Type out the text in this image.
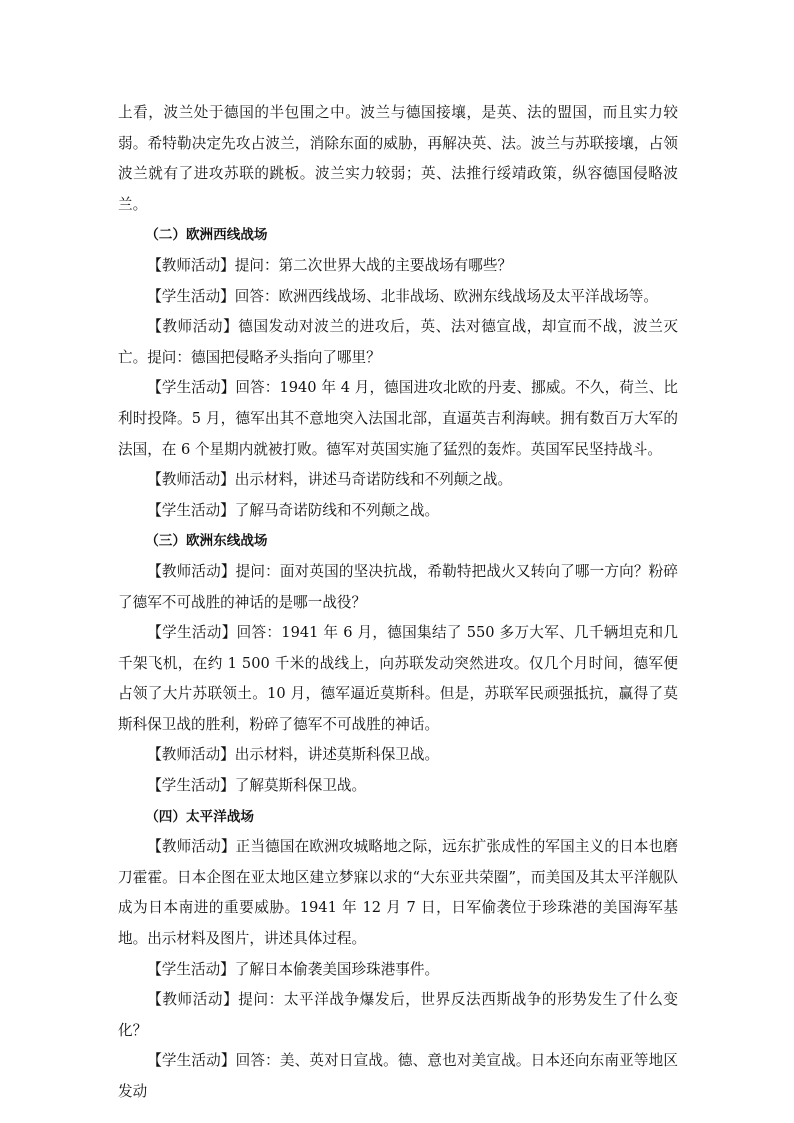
上看，波兰处于德国的半包围之中。波兰与德国接壤，是英、法的盟国，而且实力较弱。希特勒决定先攻占波兰，消除东面的威胁，再解决英、法。波兰与苏联接壤，占领波兰就有了进攻苏联的跳板。波兰实力较弱；英、法推行绥靖政策，纵容德国侵略波兰。

（二）欧洲西线战场

【教师活动】提问：第二次世界大战的主要战场有哪些？

【学生活动】回答：欧洲西线战场、北非战场、欧洲东线战场及太平洋战场等。

【教师活动】德国发动对波兰的进攻后，英、法对德宣战，却宣而不战，波兰灭亡。提问：德国把侵略矛头指向了哪里？

【学生活动】回答：1940 年 4 月，德国进攻北欧的丹麦、挪威。不久，荷兰、比利时投降。5 月，德军出其不意地突入法国北部，直逼英吉利海峡。拥有数百万大军的法国，在 6 个星期内就被打败。德军对英国实施了猛烈的轰炸。英国军民坚持战斗。

【教师活动】出示材料，讲述马奇诺防线和不列颠之战。

【学生活动】了解马奇诺防线和不列颠之战。

（三）欧洲东线战场

【教师活动】提问：面对英国的坚决抗战，希勒特把战火又转向了哪一方向？粉碎了德军不可战胜的神话的是哪一战役？

【学生活动】回答：1941 年 6 月，德国集结了 550 多万大军、几千辆坦克和几千架飞机，在约 1 500 千米的战线上，向苏联发动突然进攻。仅几个月时间，德军便占领了大片苏联领土。10 月，德军逼近莫斯科。但是，苏联军民顽强抵抗，赢得了莫斯科保卫战的胜利，粉碎了德军不可战胜的神话。

【教师活动】出示材料，讲述莫斯科保卫战。

【学生活动】了解莫斯科保卫战。

（四）太平洋战场

【教师活动】正当德国在欧洲攻城略地之际，远东扩张成性的军国主义的日本也磨刀霍霍。日本企图在亚太地区建立梦寐以求的“大东亚共荣圈”，而美国及其太平洋舰队成为日本南进的重要威胁。1941 年 12 月 7 日，日军偷袭位于珍珠港的美国海军基地。出示材料及图片，讲述具体过程。

【学生活动】了解日本偷袭美国珍珠港事件。

【教师活动】提问：太平洋战争爆发后，世界反法西斯战争的形势发生了什么变化？

【学生活动】回答：美、英对日宣战。德、意也对美宣战。日本还向东南亚等地区发动
